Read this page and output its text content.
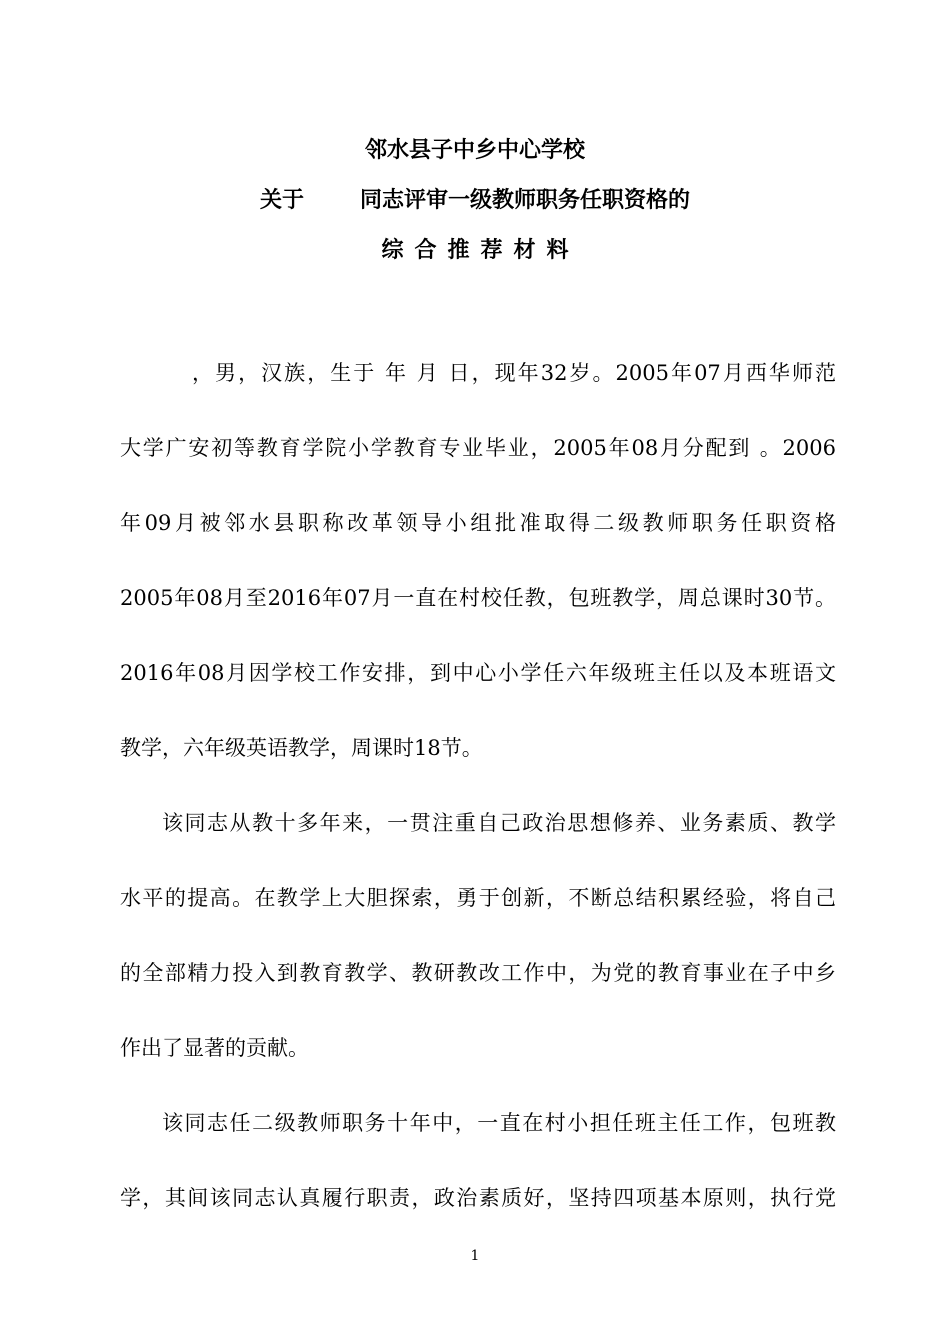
邻水县子中乡中心学校
关于	同志评审一级教师职务任职资格的
综合推荐材料

，男，汉族，生于 年 月 日，现年32岁。2005年07月西华师范

大学广安初等教育学院小学教育专业毕业，2005年08月分配到 。2006

年09月被邻水县职称改革领导小组批准取得二级教师职务任职资格

2005年08月至2016年07月一直在村校任教，包班教学，周总课时30节。

2016年08月因学校工作安排，到中心小学任六年级班主任以及本班语文

教学，六年级英语教学，周课时18节。

该同志从教十多年来，一贯注重自己政治思想修养、业务素质、教学

水平的提高。在教学上大胆探索，勇于创新，不断总结积累经验，将自己

的全部精力投入到教育教学、教研教改工作中，为党的教育事业在子中乡

作出了显著的贡献。

该同志任二级教师职务十年中，一直在村小担任班主任工作，包班教

学，其间该同志认真履行职责，政治素质好，坚持四项基本原则，执行党

1
